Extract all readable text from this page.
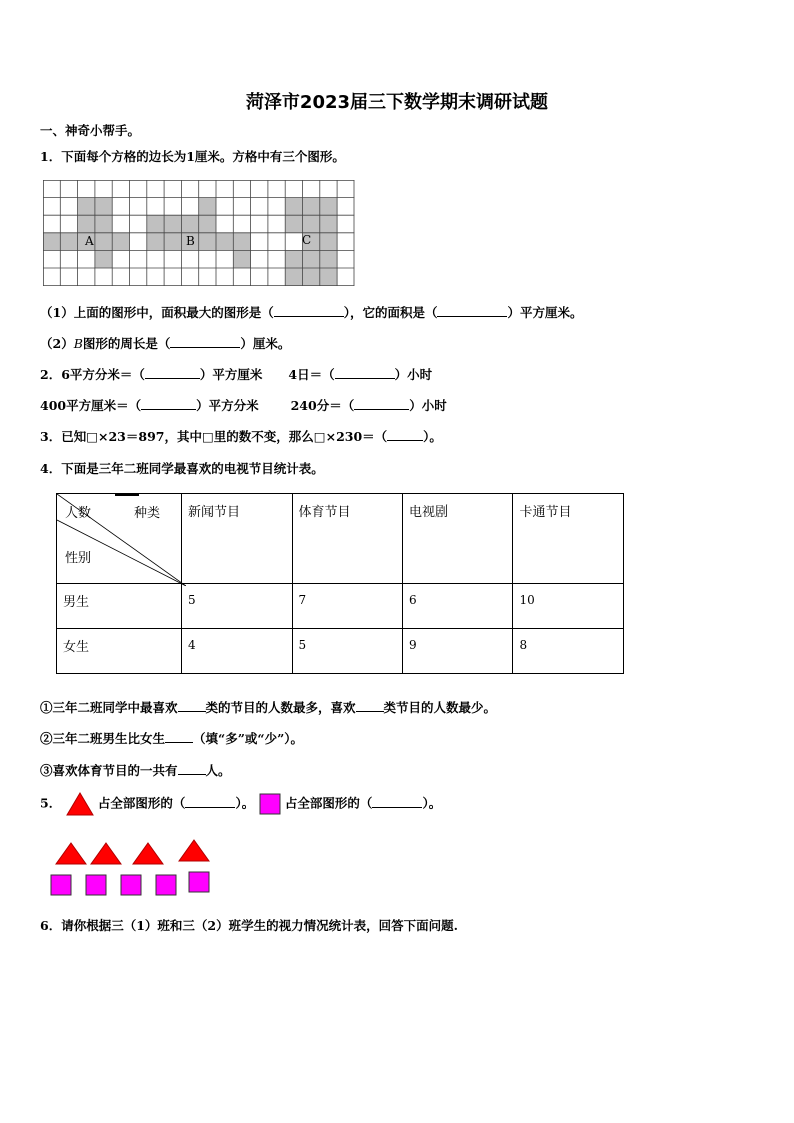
菏泽市2023届三下数学期末调研试题
一、神奇小帮手。
1．下面每个方格的边长为1厘米。方格中有三个图形。
A	B	C
（1）上面的图形中，面积最大的图形是（	），它的面积是（	）平方厘米。
（2）B图形的周长是（	）厘米。
2．6平方分米＝（	）平方厘米 4日＝（	）小时
400平方厘米＝（	）平方分米	240分＝（	）小时
3．已知□×23＝897，其中□里的数不变，那么□×230＝（	）。
4．下面是三年二班同学最喜欢的电视节目统计表。
人数 种类
性别	新闻节目	体育节目	电视剧	卡通节目
男生	5	7	6	10
女生	4	5	9	8
①三年二班同学中最喜欢 类的节目的人数最多，喜欢 类节目的人数最少。
②三年二班男生比女生 （填“多”或“少”）。
③喜欢体育节目的一共有 人。
5．	占全部图形的（	）。 占全部图形的（	）。
6．请你根据三（1）班和三（2）班学生的视力情况统计表，回答下面问题.
